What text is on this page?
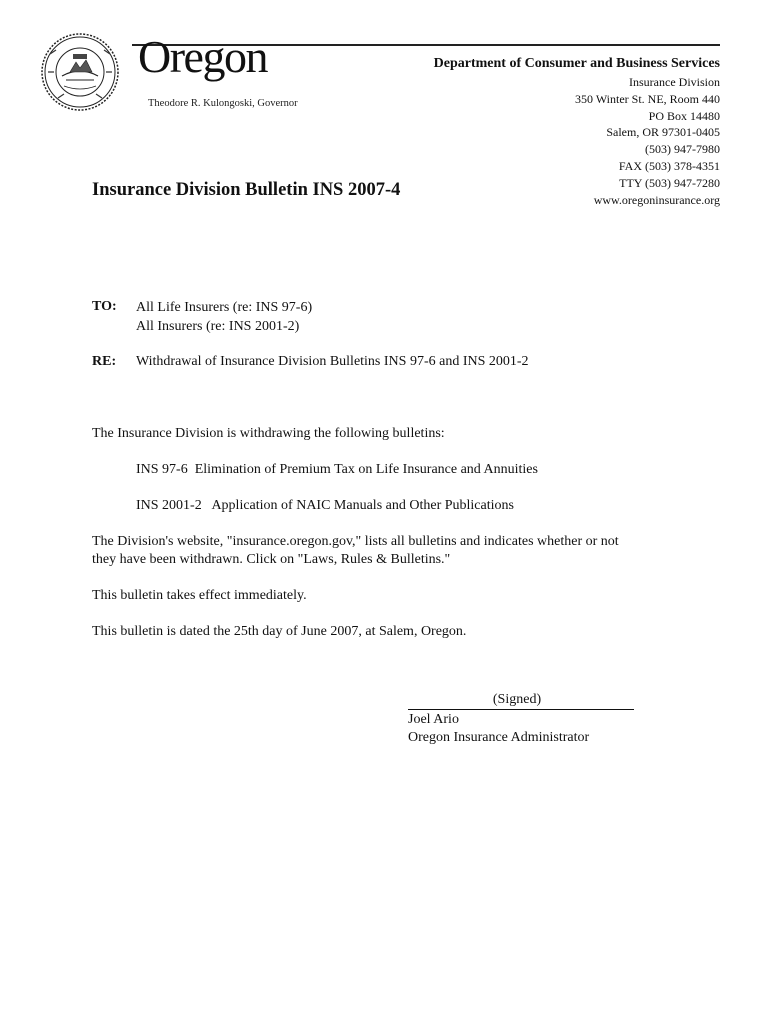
Oregon
Theodore R. Kulongoski, Governor
Department of Consumer and Business Services
Insurance Division
350 Winter St. NE, Room 440
PO Box 14480
Salem, OR 97301-0405
(503) 947-7980
FAX (503) 378-4351
TTY (503) 947-7280
www.oregoninsurance.org
Insurance Division Bulletin INS 2007-4
TO: All Life Insurers (re: INS 97-6)
All Insurers (re: INS 2001-2)
RE: Withdrawal of Insurance Division Bulletins INS 97-6 and INS 2001-2
The Insurance Division is withdrawing the following bulletins:
INS 97-6  Elimination of Premium Tax on Life Insurance and Annuities
INS 2001-2   Application of NAIC Manuals and Other Publications
The Division's website, "insurance.oregon.gov," lists all bulletins and indicates whether or not
they have been withdrawn. Click on "Laws, Rules & Bulletins."
This bulletin takes effect immediately.
This bulletin is dated the 25th day of June 2007, at Salem, Oregon.
(Signed)
Joel Ario
Oregon Insurance Administrator
